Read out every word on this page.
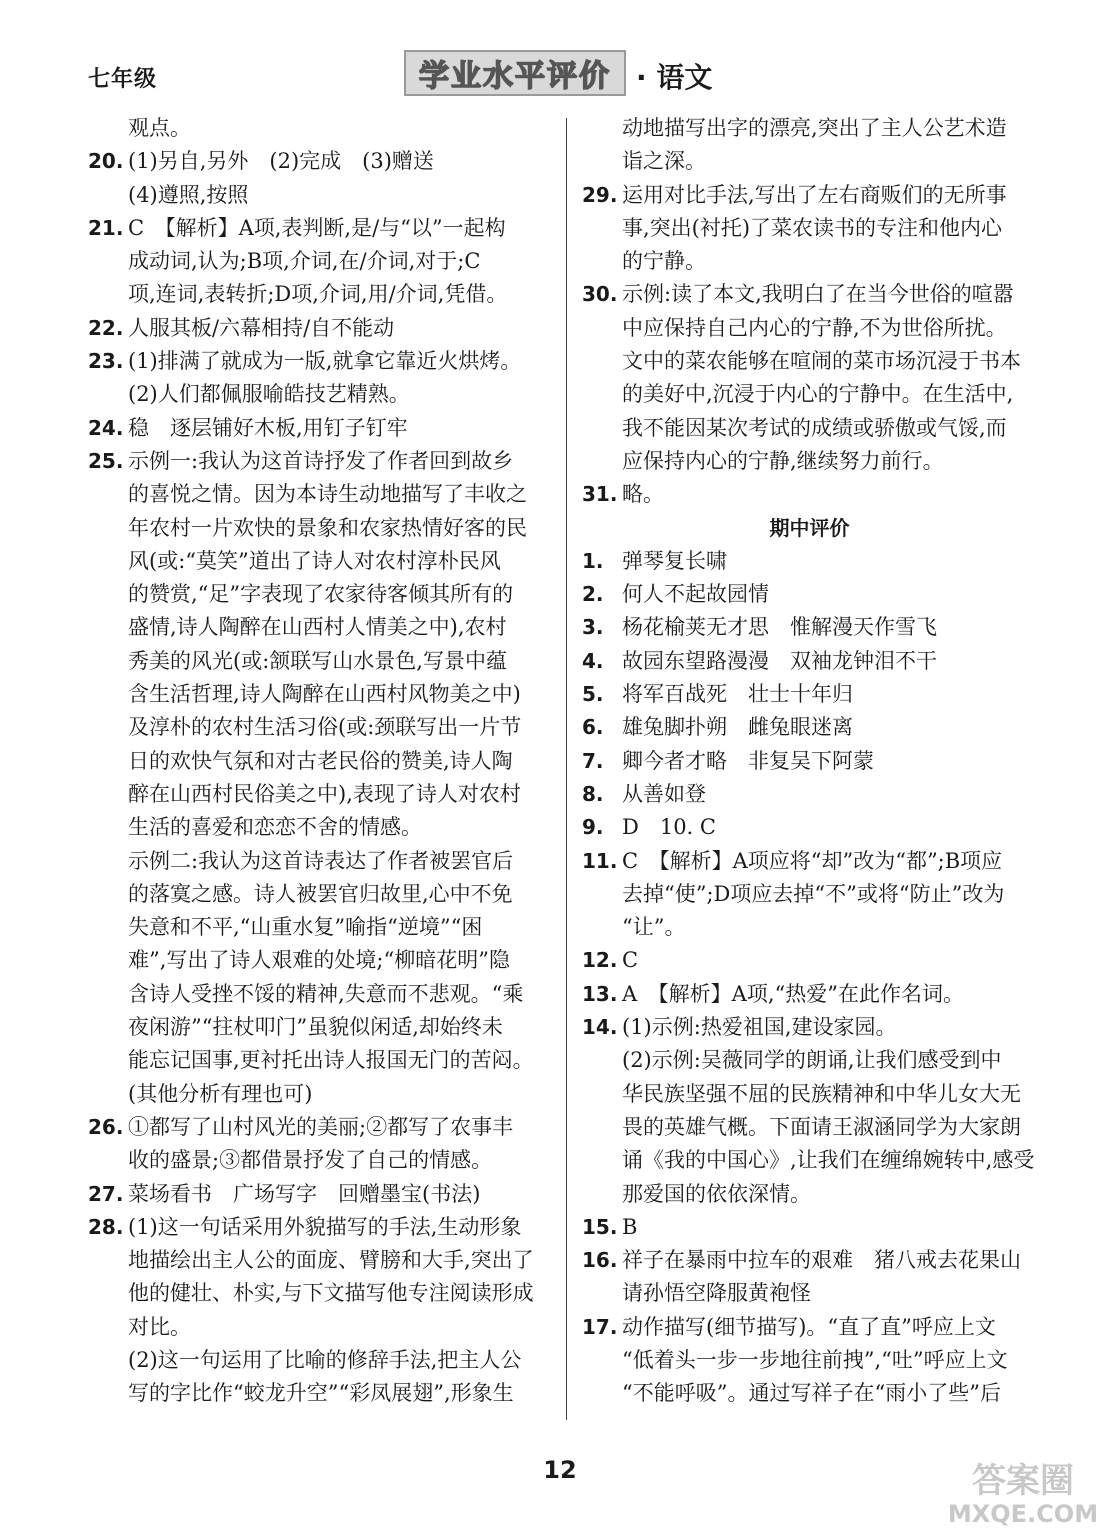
七年级	学业水平评价 · 语文
观点。
20. (1)另自,另外　(2)完成　(3)赠送
(4)遵照,按照
21. C　【解析】A项,表判断,是/与“以”一起构
成动词,认为;B项,介词,在/介词,对于;C
项,连词,表转折;D项,介词,用/介词,凭借。
22. 人服其板/六幕相持/自不能动
23. (1)排满了就成为一版,就拿它靠近火烘烤。
(2)人们都佩服喻皓技艺精熟。
24. 稳　逐层铺好木板,用钉子钉牢
25. 示例一:我认为这首诗抒发了作者回到故乡
的喜悦之情。因为本诗生动地描写了丰收之
年农村一片欢快的景象和农家热情好客的民
风(或:“莫笑”道出了诗人对农村淳朴民风
的赞赏,“足”字表现了农家待客倾其所有的
盛情,诗人陶醉在山西村人情美之中),农村
秀美的风光(或:颔联写山水景色,写景中蕴
含生活哲理,诗人陶醉在山西村风物美之中)
及淳朴的农村生活习俗(或:颈联写出一片节
日的欢快气氛和对古老民俗的赞美,诗人陶
醉在山西村民俗美之中),表现了诗人对农村
生活的喜爱和恋恋不舍的情感。
示例二:我认为这首诗表达了作者被罢官后
的落寞之感。诗人被罢官归故里,心中不免
失意和不平,“山重水复”喻指“逆境”“困
难”,写出了诗人艰难的处境;“柳暗花明”隐
含诗人受挫不馁的精神,失意而不悲观。“乘
夜闲游”“拄杖叩门”虽貌似闲适,却始终未
能忘记国事,更衬托出诗人报国无门的苦闷。
(其他分析有理也可)
26. ①都写了山村风光的美丽;②都写了农事丰
收的盛景;③都借景抒发了自己的情感。
27. 菜场看书　广场写字　回赠墨宝(书法)
28. (1)这一句话采用外貌描写的手法,生动形象
地描绘出主人公的面庞、臂膀和大手,突出了
他的健壮、朴实,与下文描写他专注阅读形成
对比。
(2)这一句运用了比喻的修辞手法,把主人公
写的字比作“蛟龙升空”“彩凤展翅”,形象生
动地描写出字的漂亮,突出了主人公艺术造
诣之深。
29. 运用对比手法,写出了左右商贩们的无所事
事,突出(衬托)了菜农读书的专注和他内心
的宁静。
30. 示例:读了本文,我明白了在当今世俗的喧嚣
中应保持自己内心的宁静,不为世俗所扰。
文中的菜农能够在喧闹的菜市场沉浸于书本
的美好中,沉浸于内心的宁静中。在生活中,
我不能因某次考试的成绩或骄傲或气馁,而
应保持内心的宁静,继续努力前行。
31. 略。
期中评价
1. 弹琴复长啸
2. 何人不起故园情
3. 杨花榆荚无才思　惟解漫天作雪飞
4. 故园东望路漫漫　双袖龙钟泪不干
5. 将军百战死　壮士十年归
6. 雄兔脚扑朔　雌兔眼迷离
7. 卿今者才略　非复吴下阿蒙
8. 从善如登
9. D　10. C
11. C　【解析】A项应将“却”改为“都”;B项应
去掉“使”;D项应去掉“不”或将“防止”改为
“让”。
12. C
13. A　【解析】A项,“热爱”在此作名词。
14. (1)示例:热爱祖国,建设家园。
(2)示例:吴薇同学的朗诵,让我们感受到中
华民族坚强不屈的民族精神和中华儿女大无
畏的英雄气概。下面请王淑涵同学为大家朗
诵《我的中国心》,让我们在缠绵婉转中,感受
那爱国的依依深情。
15. B
16. 祥子在暴雨中拉车的艰难　猪八戒去花果山
请孙悟空降服黄袍怪
17. 动作描写(细节描写)。“直了直”呼应上文
“低着头一步一步地往前拽”,“吐”呼应上文
“不能呼吸”。通过写祥子在“雨小了些”后
12	答案圈
MXQE.COM
